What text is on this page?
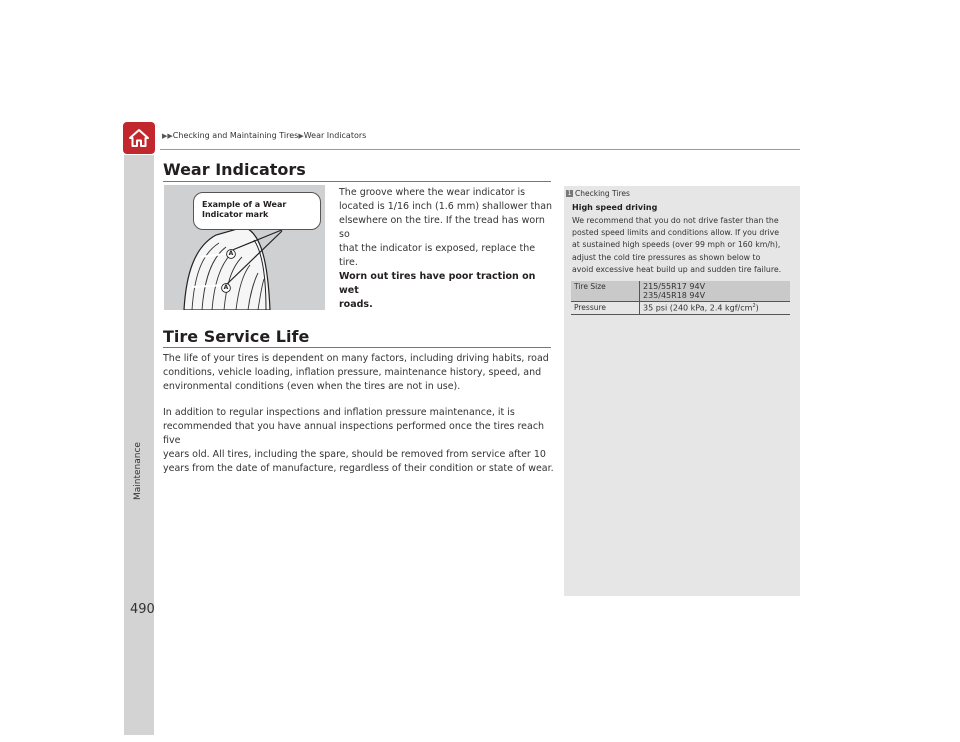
Maintenance
▶▶Checking and Maintaining Tires▶Wear Indicators
Wear Indicators
A
A
Example of a Wear
Indicator mark
The groove where the wear indicator is
located is 1/16 inch (1.6 mm) shallower than
elsewhere on the tire. If the tread has worn so
that the indicator is exposed, replace the tire.
Worn out tires have poor traction on wet
roads.
Tire Service Life
The life of your tires is dependent on many factors, including driving habits, road
conditions, vehicle loading, inflation pressure, maintenance history, speed, and
environmental conditions (even when the tires are not in use).
In addition to regular inspections and inflation pressure maintenance, it is
recommended that you have annual inspections performed once the tires reach five
years old. All tires, including the spare, should be removed from service after 10
years from the date of manufacture, regardless of their condition or state of wear.
1 Checking Tires
High speed driving
We recommend that you do not drive faster than the
posted speed limits and conditions allow. If you drive
at sustained high speeds (over 99 mph or 160 km/h),
adjust the cold tire pressures as shown below to
avoid excessive heat build up and sudden tire failure.
Tire Size	215/55R17 94V
235/45R18 94V

Pressure	35 psi (240 kPa, 2.4 kgf/$cm^2$)
490
